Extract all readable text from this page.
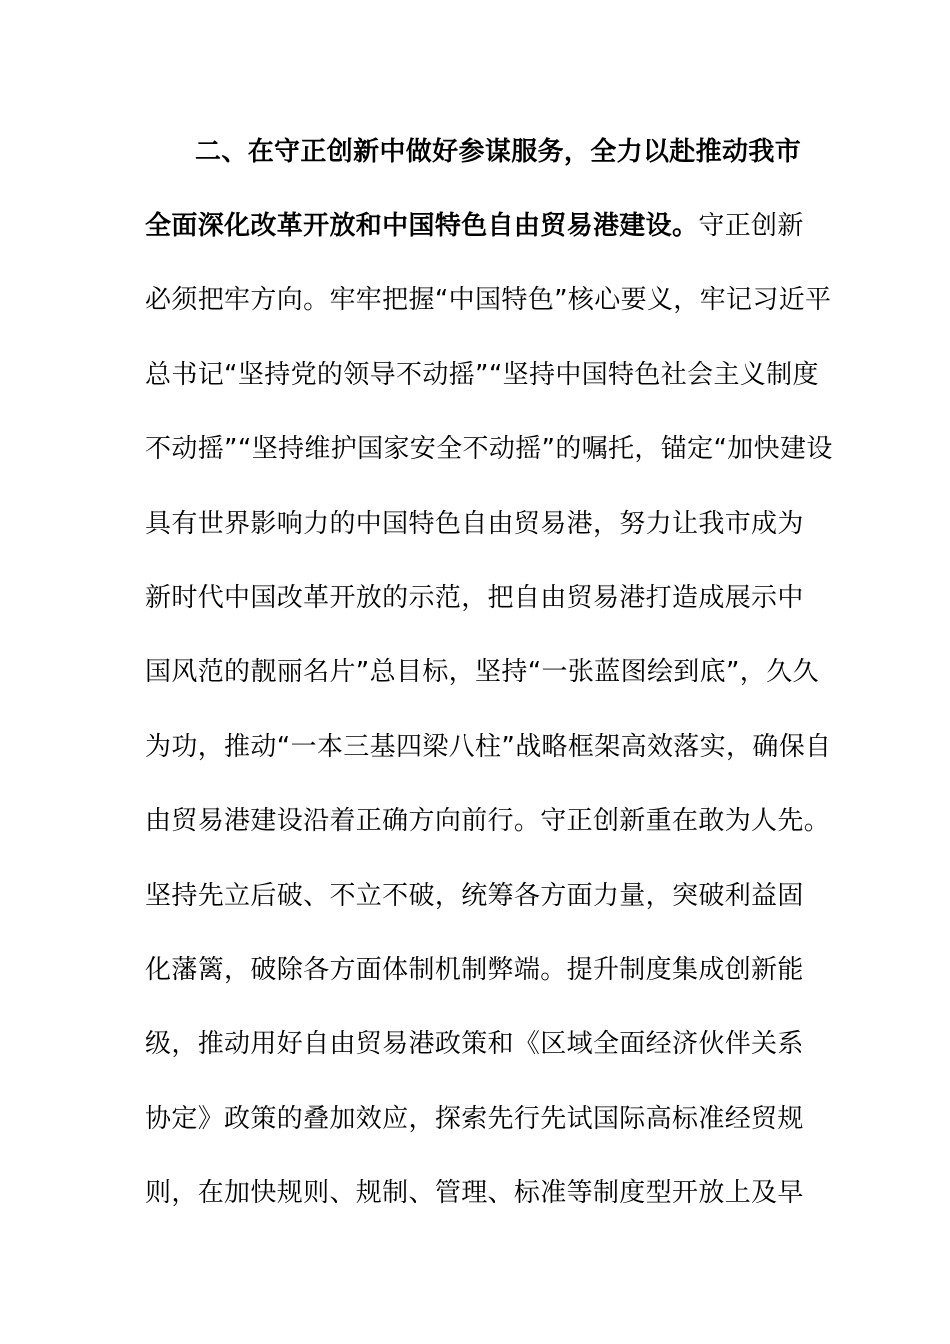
二、在守正创新中做好参谋服务，全力以赴推动我市
全面深化改革开放和中国特色自由贸易港建设。守正创新
必须把牢方向。牢牢把握“中国特色”核心要义，牢记习近平
总书记“坚持党的领导不动摇”“坚持中国特色社会主义制度
不动摇”“坚持维护国家安全不动摇”的嘱托，锚定“加快建设
具有世界影响力的中国特色自由贸易港，努力让我市成为
新时代中国改革开放的示范，把自由贸易港打造成展示中
国风范的靓丽名片”总目标，坚持“一张蓝图绘到底”，久久
为功，推动“一本三基四梁八柱”战略框架高效落实，确保自
由贸易港建设沿着正确方向前行。守正创新重在敢为人先。
坚持先立后破、不立不破，统筹各方面力量，突破利益固
化藩篱，破除各方面体制机制弊端。提升制度集成创新能
级，推动用好自由贸易港政策和《区域全面经济伙伴关系
协定》政策的叠加效应，探索先行先试国际高标准经贸规
则，在加快规则、规制、管理、标准等制度型开放上及早
